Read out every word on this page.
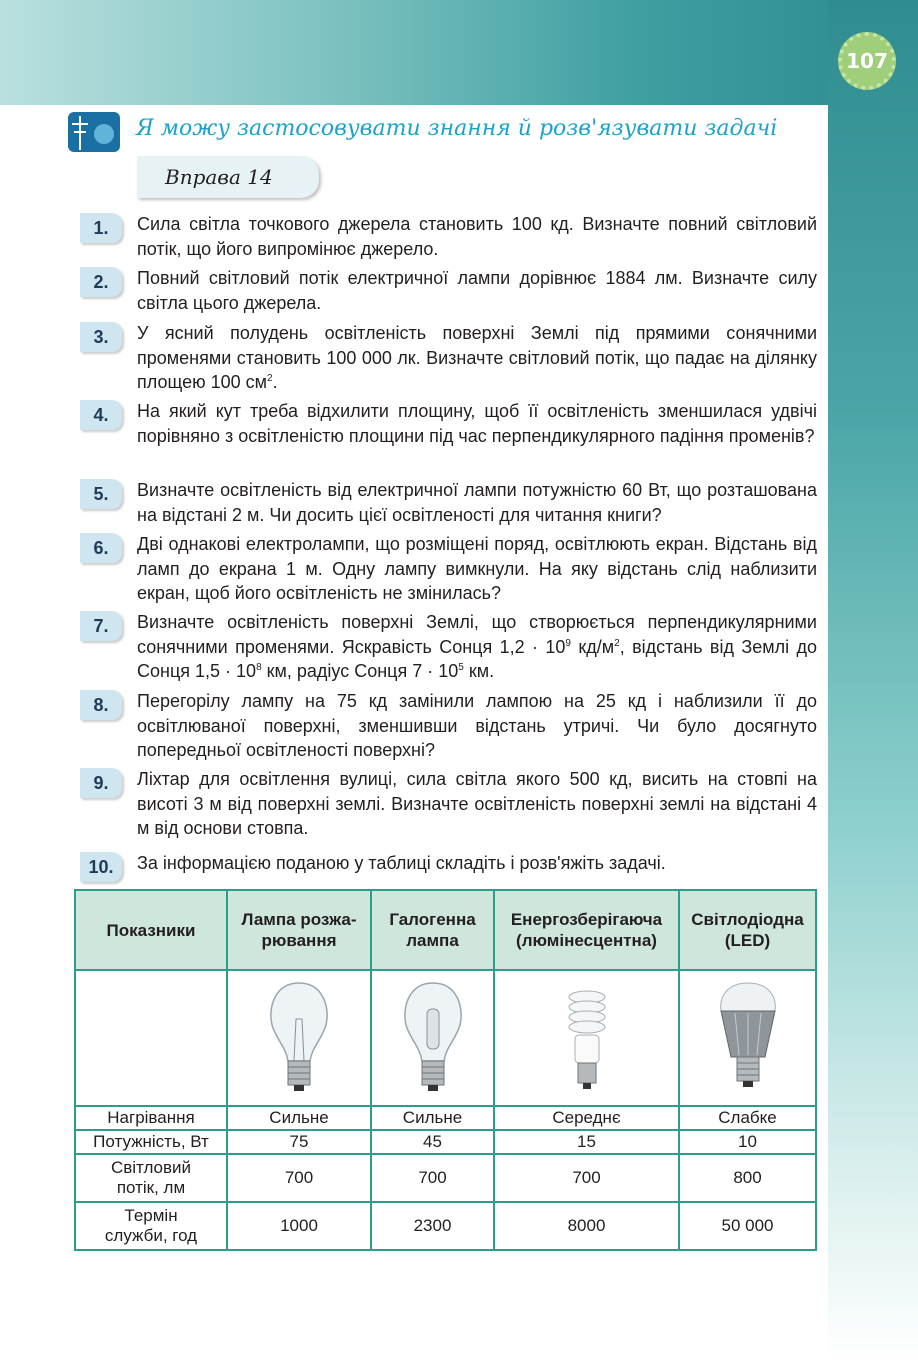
107
Я можу застосовувати знання й розв'язувати задачі
Вправа 14
1.	Сила світла точкового джерела становить 100 кд. Визначте повний світловий потік, що його випромінює джерело.
2.	Повний світловий потік електричної лампи дорівнює 1884 лм. Визначте силу світла цього джерела.
3.	У ясний полудень освітленість поверхні Землі під прямими сонячними променями становить 100 000 лк. Визначте світловий потік, що падає на ділянку площею 100 $см^2$.
4.	На який кут треба відхилити площину, щоб її освітленість зменшилася удвічі порівняно з освітленістю площини під час перпендикулярного падіння променів?
5.	Визначте освітленість від електричної лампи потужністю 60 Вт, що розташована на відстані 2 м. Чи досить цієї освітленості для читання книги?
6.	Дві однакові електролампи, що розміщені поряд, освітлюють екран. Відстань від ламп до екрана 1 м. Одну лампу вимкнули. На яку відстань слід наблизити екран, щоб його освітленість не змінилась?
7.	Визначте освітленість поверхні Землі, що створюється перпендикулярними сонячними променями. Яскравість Сонця $1,2 \cdot 10^9$ $кд/м^2$, відстань від Землі до Сонця $1,5 \cdot 10^8$ км, радіус Сонця $7 \cdot 10^5$ км.
8.	Перегорілу лампу на 75 кд замінили лампою на 25 кд і наблизили її до освітлюваної поверхні, зменшивши відстань утричі. Чи було досягнуто попередньої освітленості поверхні?
9.	Ліхтар для освітлення вулиці, сила світла якого 500 кд, висить на стовпі на висоті 3 м від поверхні землі. Визначте освітленість поверхні землі на відстані 4 м від основи стовпа.
10.	За інформацією поданою у таблиці складіть і розв'яжіть задачі.
Показники	Лампа розжа-рювання	Галогенна лампа	Енергозберігаюча (люмінесцентна)	Світлодіодна (LED)

Нагрівання	Сильне	Сильне	Середнє	Слабке
Потужність, Вт	75	45	15	10
Світловий потік, лм	700	700	700	800
Термін служби, год	1000	2300	8000	50 000
